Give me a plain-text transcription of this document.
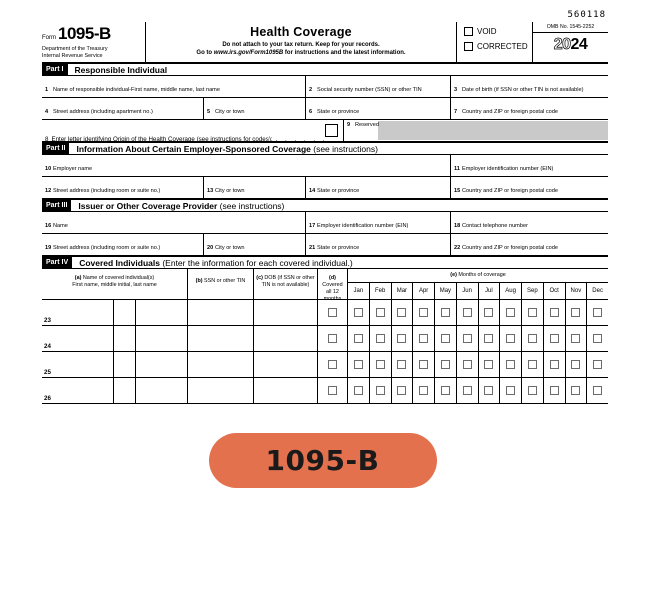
560118
Form 1095-B
Department of the Treasury
Internal Revenue Service
Health Coverage
Do not attach to your tax return. Keep for your records.
Go to www.irs.gov/Form1095B for instructions and the latest information.
VOID
CORRECTED
OMB No. 1545-2252
2024
Part I	Responsible Individual
1 Name of responsible individual-First name, middle name, last name	2 Social security number (SSN) or other TIN	3 Date of birth (if SSN or other TIN is not available)
4 Street address (including apartment no.)	5 City or town	6 State or province	7 Country and ZIP or foreign postal code
8 Enter letter identifying Origin of the Health Coverage (see instructions for codes): . . . . . .
9 Reserved
Part II	Information About Certain Employer-Sponsored Coverage (see instructions)
10 Employer name	11 Employer identification number (EIN)
12 Street address (including room or suite no.)	13 City or town	14 State or province	15 Country and ZIP or foreign postal code
Part III	Issuer or Other Coverage Provider (see instructions)
16 Name	17 Employer identification number (EIN)	18 Contact telephone number
19 Street address (including room or suite no.)	20 City or town	21 State or province	22 Country and ZIP or foreign postal code
Part IV	Covered Individuals (Enter the information for each covered individual.)
(a) Name of covered individual(s)
First name, middle initial, last name
(b) SSN or other TIN	(c) DOB (if SSN or other
TIN is not available)
(d) Covered
all 12 months
(e) Months of coverage
Jan	Feb	Mar	Apr	May	Jun	Jul	Aug	Sep	Oct	Nov	Dec
23
24
25
26
1095-B
